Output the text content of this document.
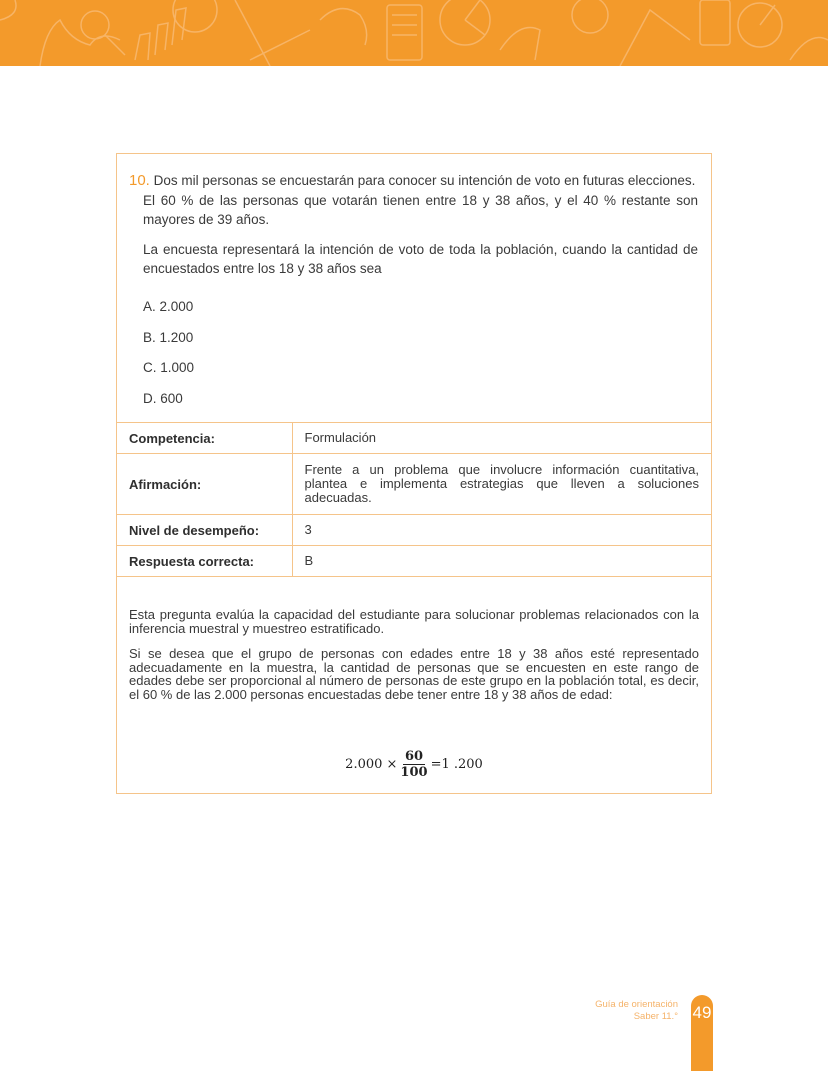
10. Dos mil personas se encuestarán para conocer su intención de voto en futuras elecciones.
El 60 % de las personas que votarán tienen entre 18 y 38 años, y el 40 % restante son mayores de 39 años.
La encuesta representará la intención de voto de toda la población, cuando la cantidad de encuestados entre los 18 y 38 años sea
A. 2.000
B. 1.200
C. 1.000
D. 600
Competencia:	Formulación
Afirmación:	Frente a un problema que involucre información cuantitativa, plantea e implementa estrategias que lleven a soluciones adecuadas.
Nivel de desempeño:	3
Respuesta correcta:	B

Esta pregunta evalúa la capacidad del estudiante para solucionar problemas relacionados con la inferencia muestral y muestreo estratificado.

Si se desea que el grupo de personas con edades entre 18 y 38 años esté representado adecuadamente en la muestra, la cantidad de personas que se encuesten en este rango de edades debe ser proporcional al número de personas de este grupo en la población total, es decir, el 60 % de las 2.000 personas encuestadas debe tener entre 18 y 38 años de edad:

$2.000 \times \frac{60}{100} =1$ .200
Guía de orientación
Saber 11.° 49
